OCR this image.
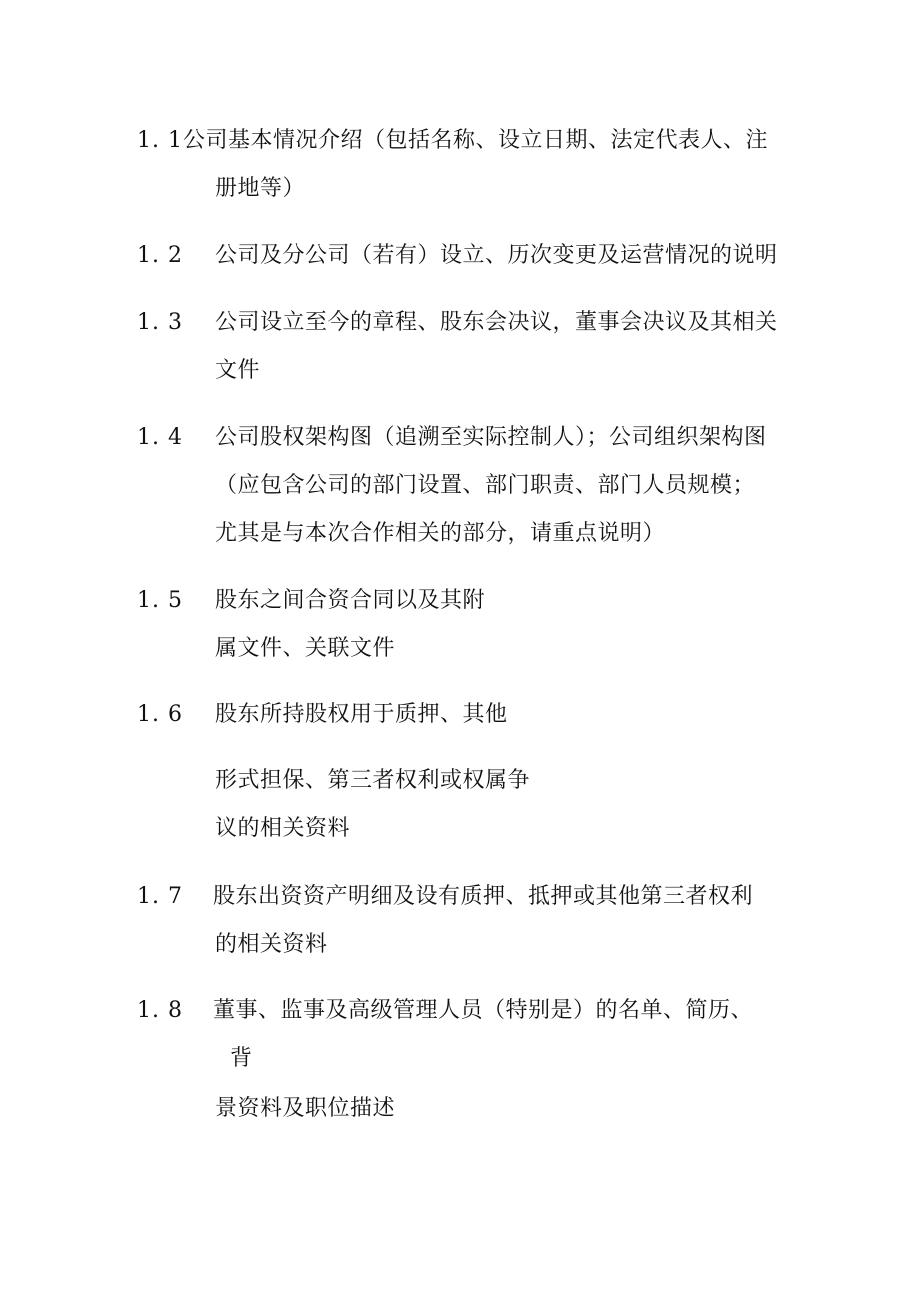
1. 1 公司基本情况介绍（包括名称、设立日期、法定代表人、注
册地等）
1. 2 公司及分公司（若有）设立、历次变更及运营情况的说明
1. 3 公司设立至今的章程、股东会决议，董事会决议及其相关
文件
1. 4 公司股权架构图（追溯至实际控制人）；公司组织架构图
（应包含公司的部门设置、部门职责、部门人员规模；
尤其是与本次合作相关的部分，请重点说明）
1. 5 股东之间合资合同以及其附
属文件、关联文件
1. 6 股东所持股权用于质押、其他
形式担保、第三者权利或权属争
议的相关资料
1. 7 股东出资资产明细及设有质押、抵押或其他第三者权利
的相关资料
1. 8 董事、监事及高级管理人员（特别是）的名单、简历、
背
景资料及职位描述
